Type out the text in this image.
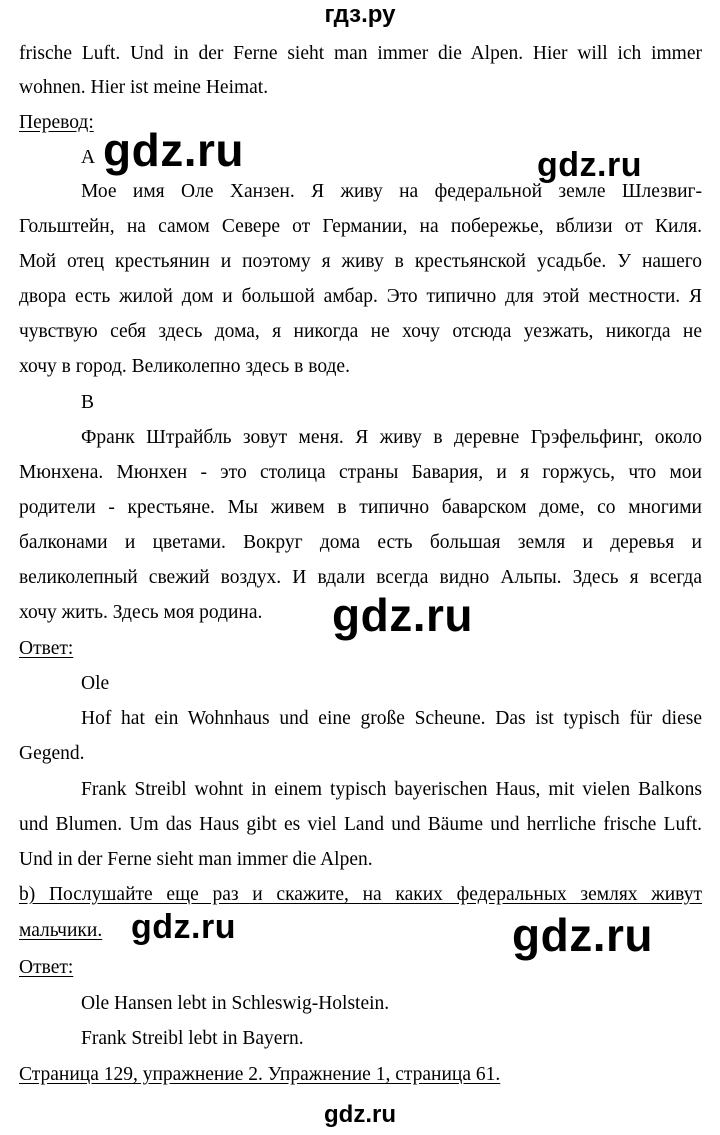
гдз.ру
frische Luft. Und in der Ferne sieht man immer die Alpen. Hier will ich immer
wohnen. Hier ist meine Heimat.
Перевод:
gdz.ru	gdz.ru
А
Мое имя Оле Ханзен. Я живу на федеральной земле Шлезвиг-
Гольштейн, на самом Севере от Германии, на побережье, вблизи от Киля.
Мой отец крестьянин и поэтому я живу в крестьянской усадьбе. У нашего
двора есть жилой дом и большой амбар. Это типично для этой местности. Я
чувствую себя здесь дома, я никогда не хочу отсюда уезжать, никогда не
хочу в город. Великолепно здесь в воде.
В
Франк Штрайбль зовут меня. Я живу в деревне Грэфельфинг, около
Мюнхена. Мюнхен - это столица страны Бавария, и я горжусь, что мои
родители - крестьяне. Мы живем в типично баварском доме, со многими
балконами и цветами. Вокруг дома есть большая земля и деревья и
великолепный свежий воздух. И вдали всегда видно Альпы. Здесь я всегда
хочу жить. Здесь моя родина. gdz.ru
Ответ:
Ole
Hof hat ein Wohnhaus und eine große Scheune. Das ist typisch für diese
Gegend.
Frank Streibl wohnt in einem typisch bayerischen Haus, mit vielen Balkons
und Blumen. Um das Haus gibt es viel Land und Bäume und herrliche frische Luft.
Und in der Ferne sieht man immer die Alpen.
b) Послушайте еще раз и скажите, на каких федеральных землях живут
мальчики. gdz.ru	gdz.ru
Ответ:
Ole Hansen lebt in Schleswig-Holstein.
Frank Streibl lebt in Bayern.
Страница 129, упражнение 2. Упражнение 1, страница 61.
gdz.ru
